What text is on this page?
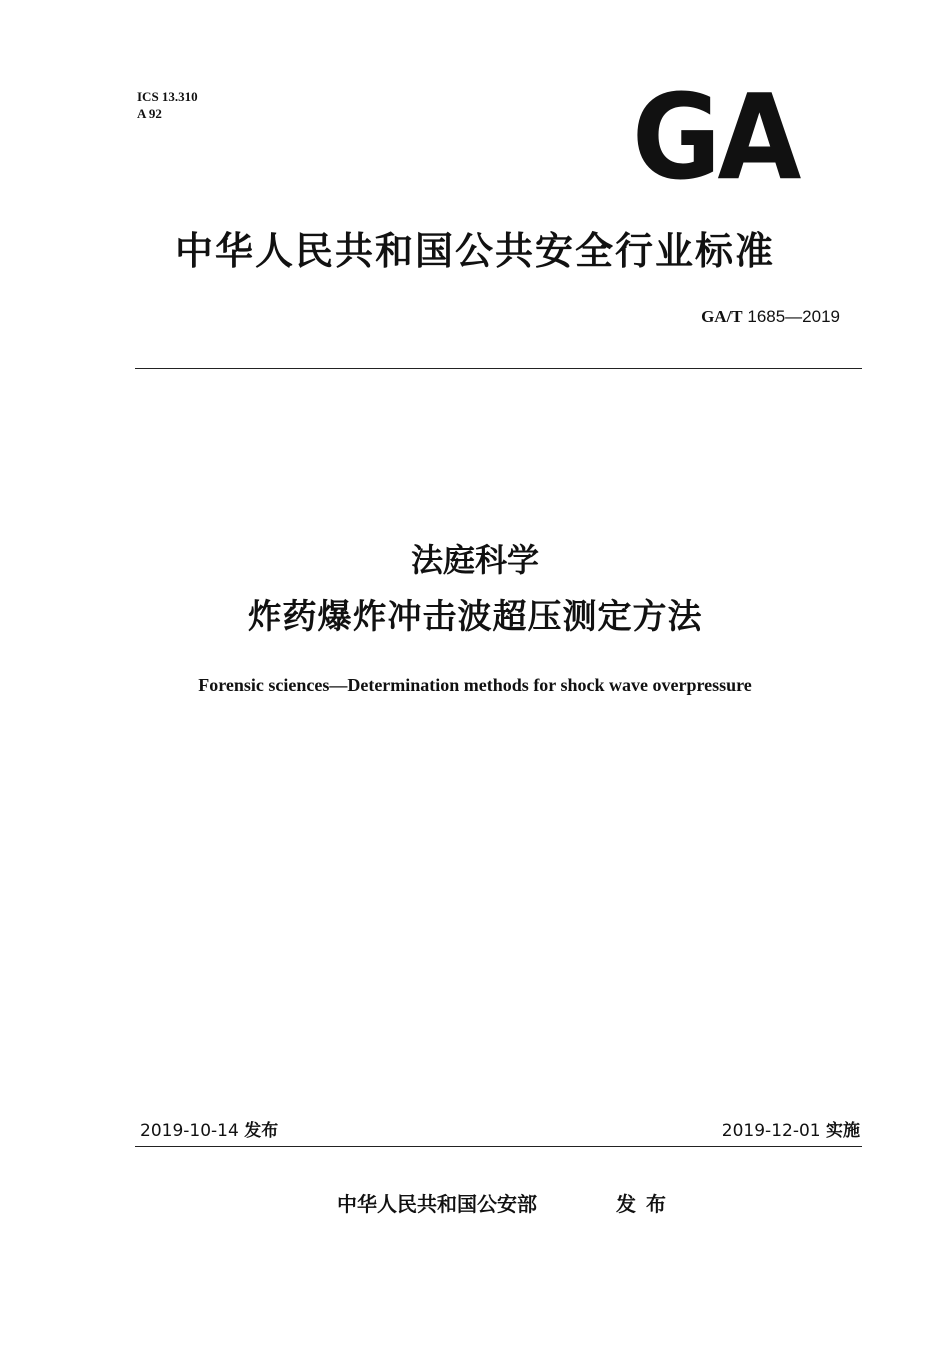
ICS 13.310
A 92	GA
中华人民共和国公共安全行业标准
GA/T 1685—2019
法庭科学
炸药爆炸冲击波超压测定方法
Forensic sciences—Determination methods for shock wave overpressure
2019-10-14 发布	2019-12-01 实施
中华人民共和国公安部	发布
